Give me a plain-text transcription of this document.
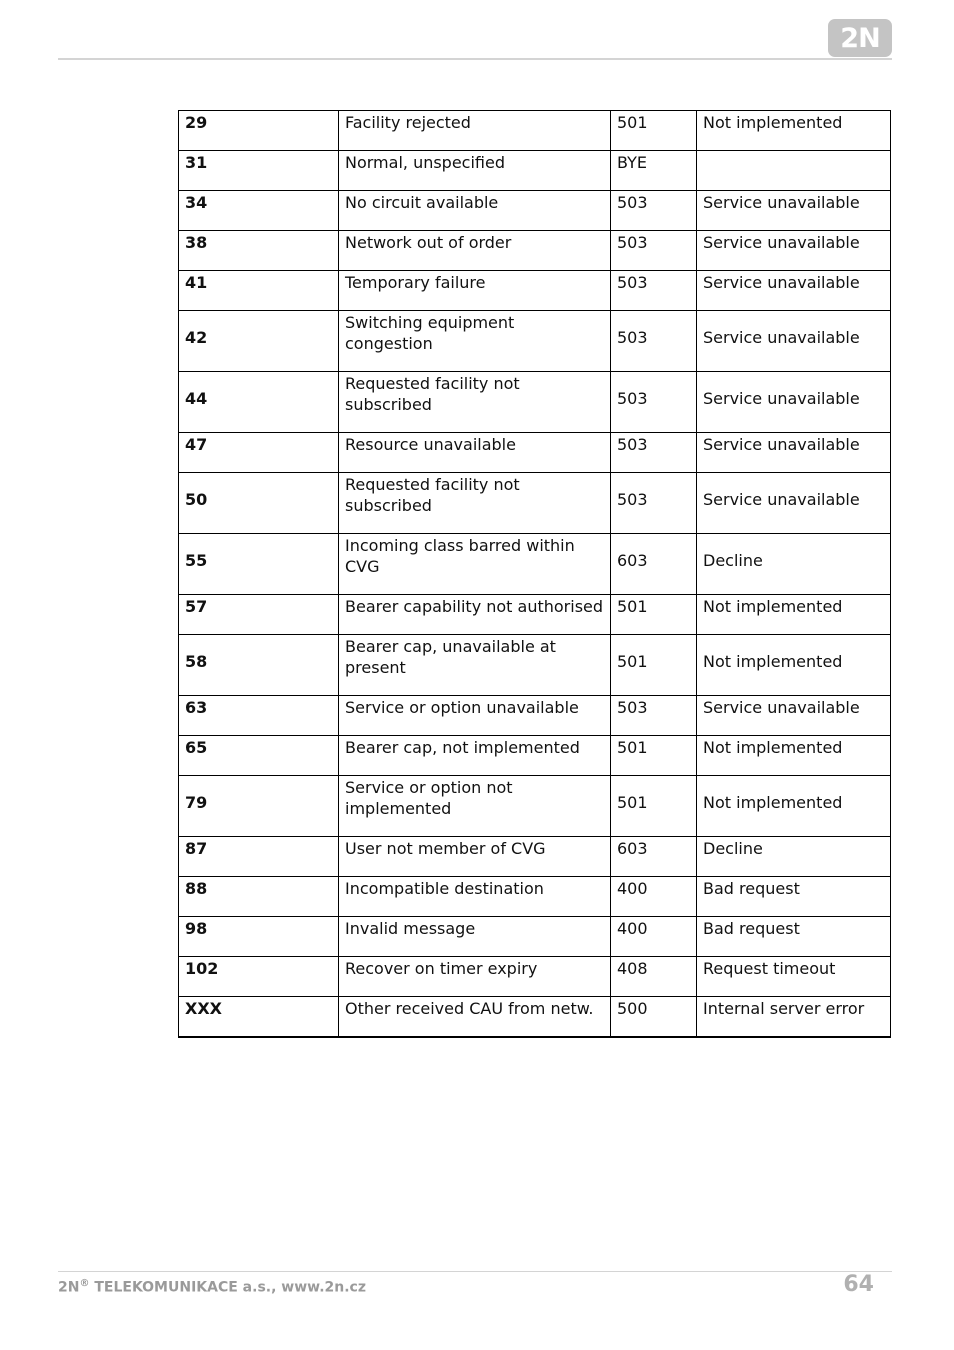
2N
29	Facility rejected	501	Not implemented
31	Normal, unspecified	BYE	
34	No circuit available	503	Service unavailable
38	Network out of order	503	Service unavailable
41	Temporary failure	503	Service unavailable
42	Switching equipment congestion	503	Service unavailable
44	Requested facility not subscribed	503	Service unavailable
47	Resource unavailable	503	Service unavailable
50	Requested facility not subscribed	503	Service unavailable
55	Incoming class barred within CVG	603	Decline
57	Bearer capability not authorised	501	Not implemented
58	Bearer cap, unavailable at present	501	Not implemented
63	Service or option unavailable	503	Service unavailable
65	Bearer cap, not implemented	501	Not implemented
79	Service or option not implemented	501	Not implemented
87	User not member of CVG	603	Decline
88	Incompatible destination	400	Bad request
98	Invalid message	400	Bad request
102	Recover on timer expiry	408	Request timeout
XXX	Other received CAU from netw.	500	Internal server error
2N® TELEKOMUNIKACE a.s., www.2n.cz	64
